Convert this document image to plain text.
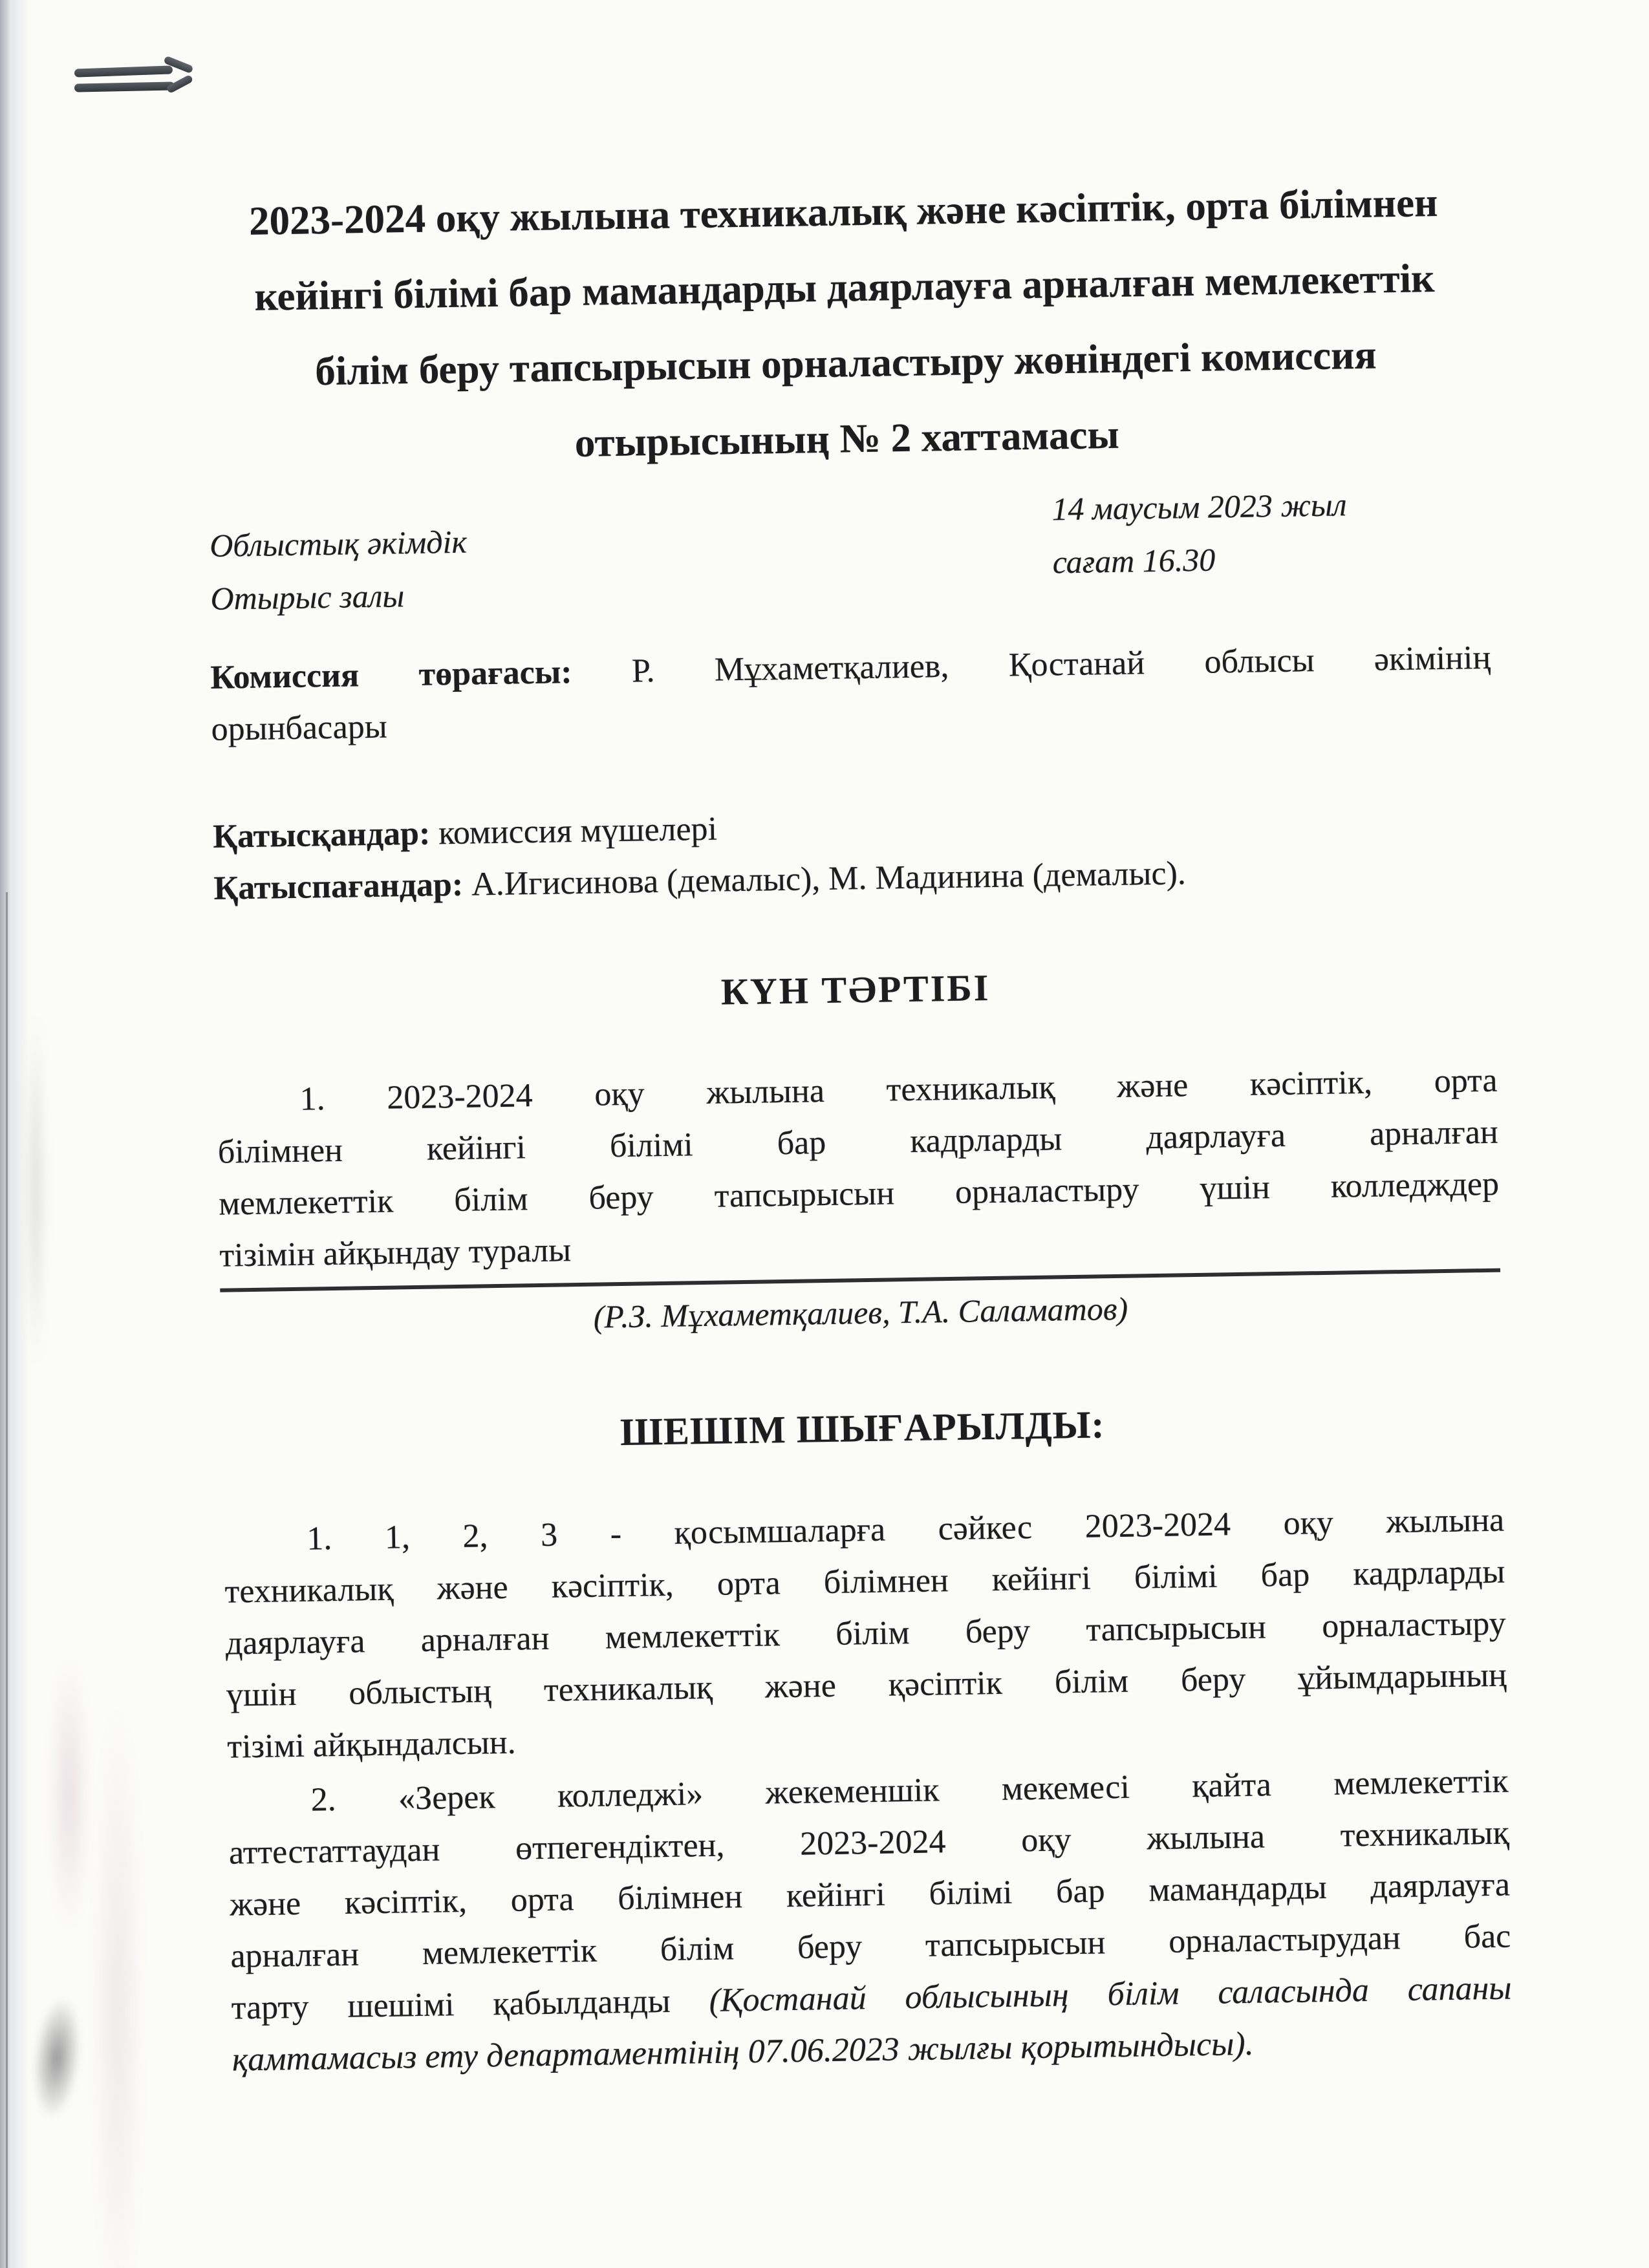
2023-2024 оқу жылына техникалық және кәсіптік, орта білімнен
кейінгі білімі бар мамандарды даярлауға арналған мемлекеттік
білім беру тапсырысын орналастыру жөніндегі комиссия
отырысының № 2 хаттамасы
Облыстық әкімдік
Отырыс залы
14 маусым 2023 жыл
сағат 16.30
Комиссия төрағасы: Р. Мұхаметқалиев, Қостанай облысы әкімінің
орынбасары
Қатысқандар: комиссия мүшелері
Қатыспағандар: А.Игисинова (демалыс), М. Мадинина (демалыс).
КҮН ТӘРТІБІ
1. 2023-2024 оқу жылына техникалық және кәсіптік, орта
білімнен кейінгі білімі бар кадрларды даярлауға арналған
мемлекеттік білім беру тапсырысын орналастыру үшін колледждер
тізімін айқындау туралы
(Р.З. Мұхаметқалиев, Т.А. Саламатов)
ШЕШІМ ШЫҒАРЫЛДЫ:
1. 1, 2, 3 - қосымшаларға сәйкес 2023-2024 оқу жылына
техникалық және кәсіптік, орта білімнен кейінгі білімі бар кадрларды
даярлауға арналған мемлекеттік білім беру тапсырысын орналастыру
үшін облыстың техникалық және қәсіптік білім беру ұйымдарының
тізімі айқындалсын.
2. «Зерек колледжі» жекеменшік мекемесі қайта мемлекеттік
аттестаттаудан өтпегендіктен, 2023-2024 оқу жылына техникалық
және кәсіптік, орта білімнен кейінгі білімі бар мамандарды даярлауға
арналған мемлекеттік білім беру тапсырысын орналастырудан бас
тарту шешімі қабылданды (Қостанай облысының білім саласында сапаны
қамтамасыз ету департаментінің 07.06.2023 жылғы қорытындысы).
